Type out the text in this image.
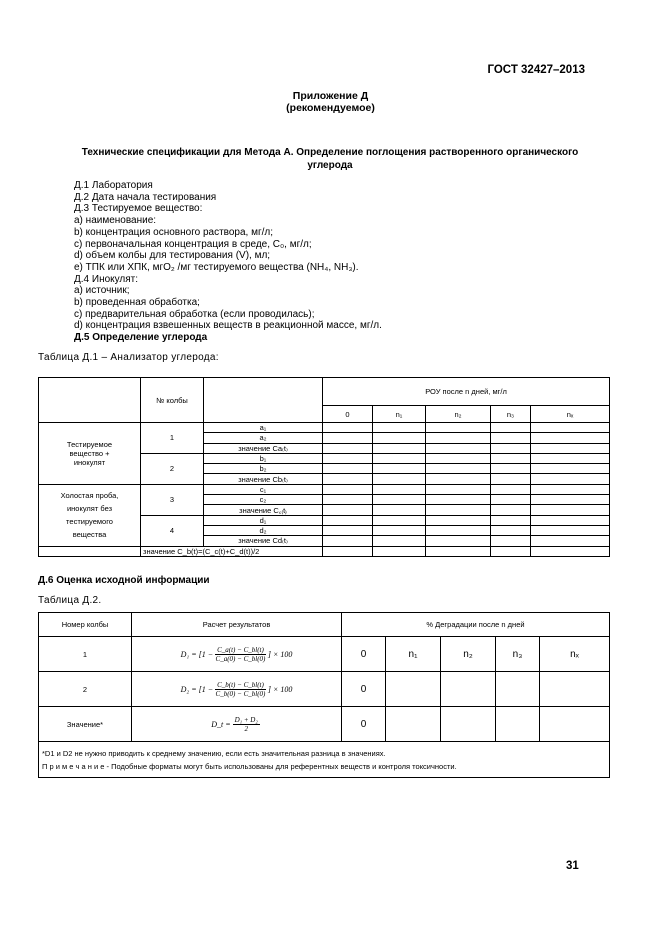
ГОСТ 32427–2013
Приложение Д
(рекомендуемое)
Технические спецификации для Метода А. Определение поглощения растворенного органического углерода
Д.1 Лаборатория
Д.2 Дата начала тестирования
Д.3 Тестируемое вещество:
а) наименование:
b) концентрация основного раствора, мг/л;
с) первоначальная концентрация в среде, C₀, мг/л;
d) объем колбы для тестирования (V), мл;
е) ТПК или ХПК, мгО₂ /мг тестируемого вещества (NH₄, NH₃).
Д.4 Инокулят:
а) источник;
b) проведенная обработка;
с) предварительная обработка (если проводилась);
d) концентрация взвешенных веществ в реакционной массе, мг/л.
Д.5 Определение углерода
Таблица Д.1 – Анализатор углерода:
	№ колбы		РОУ после n дней, мг/л				
			0	n₁	n₂	n₃	nₓ
Тестируемое вещество + инокулят	1	a₁					
		a₂					
		значение Ca₍t₎					
	2	b₁					
		b₂					
		значение Cb₍t₎					
Холостая проба, инокулят без тестируемого вещества	3	c₁					
		c₂					
		значение C꜀₍t₎					
	4	d₁					
		d₂					
		значение Cd₍t₎					
	значение C_b(t)=(C_c(t)+C_d(t))/2						
Д.6 Оценка исходной информации
Таблица Д.2.
Номер колбы	Расчет результатов	% Деградации после n дней				
1	$D_1 = [1 - \frac{C\_a(t) - C\_bl(t)}{C\_a(0) - C\_bl(0)}$ ] × 100	0	n₁	n₂	n₃	nₓ
2	$D_2 = [1 - \frac{C\_b(t) - C\_bl(t)}{C\_b(0) - C\_bl(0)}$ ] × 100	0				
Значение*	D_t = $\frac{\text{D₁ + D₂}}{2}$	0				

*D1 и D2 не нужно приводить к среднему значению, если есть значительная разница в значениях.
П р и м е ч а н и е - Подобные форматы могут быть использованы для референтных веществ и контроля токсичности.						
31
